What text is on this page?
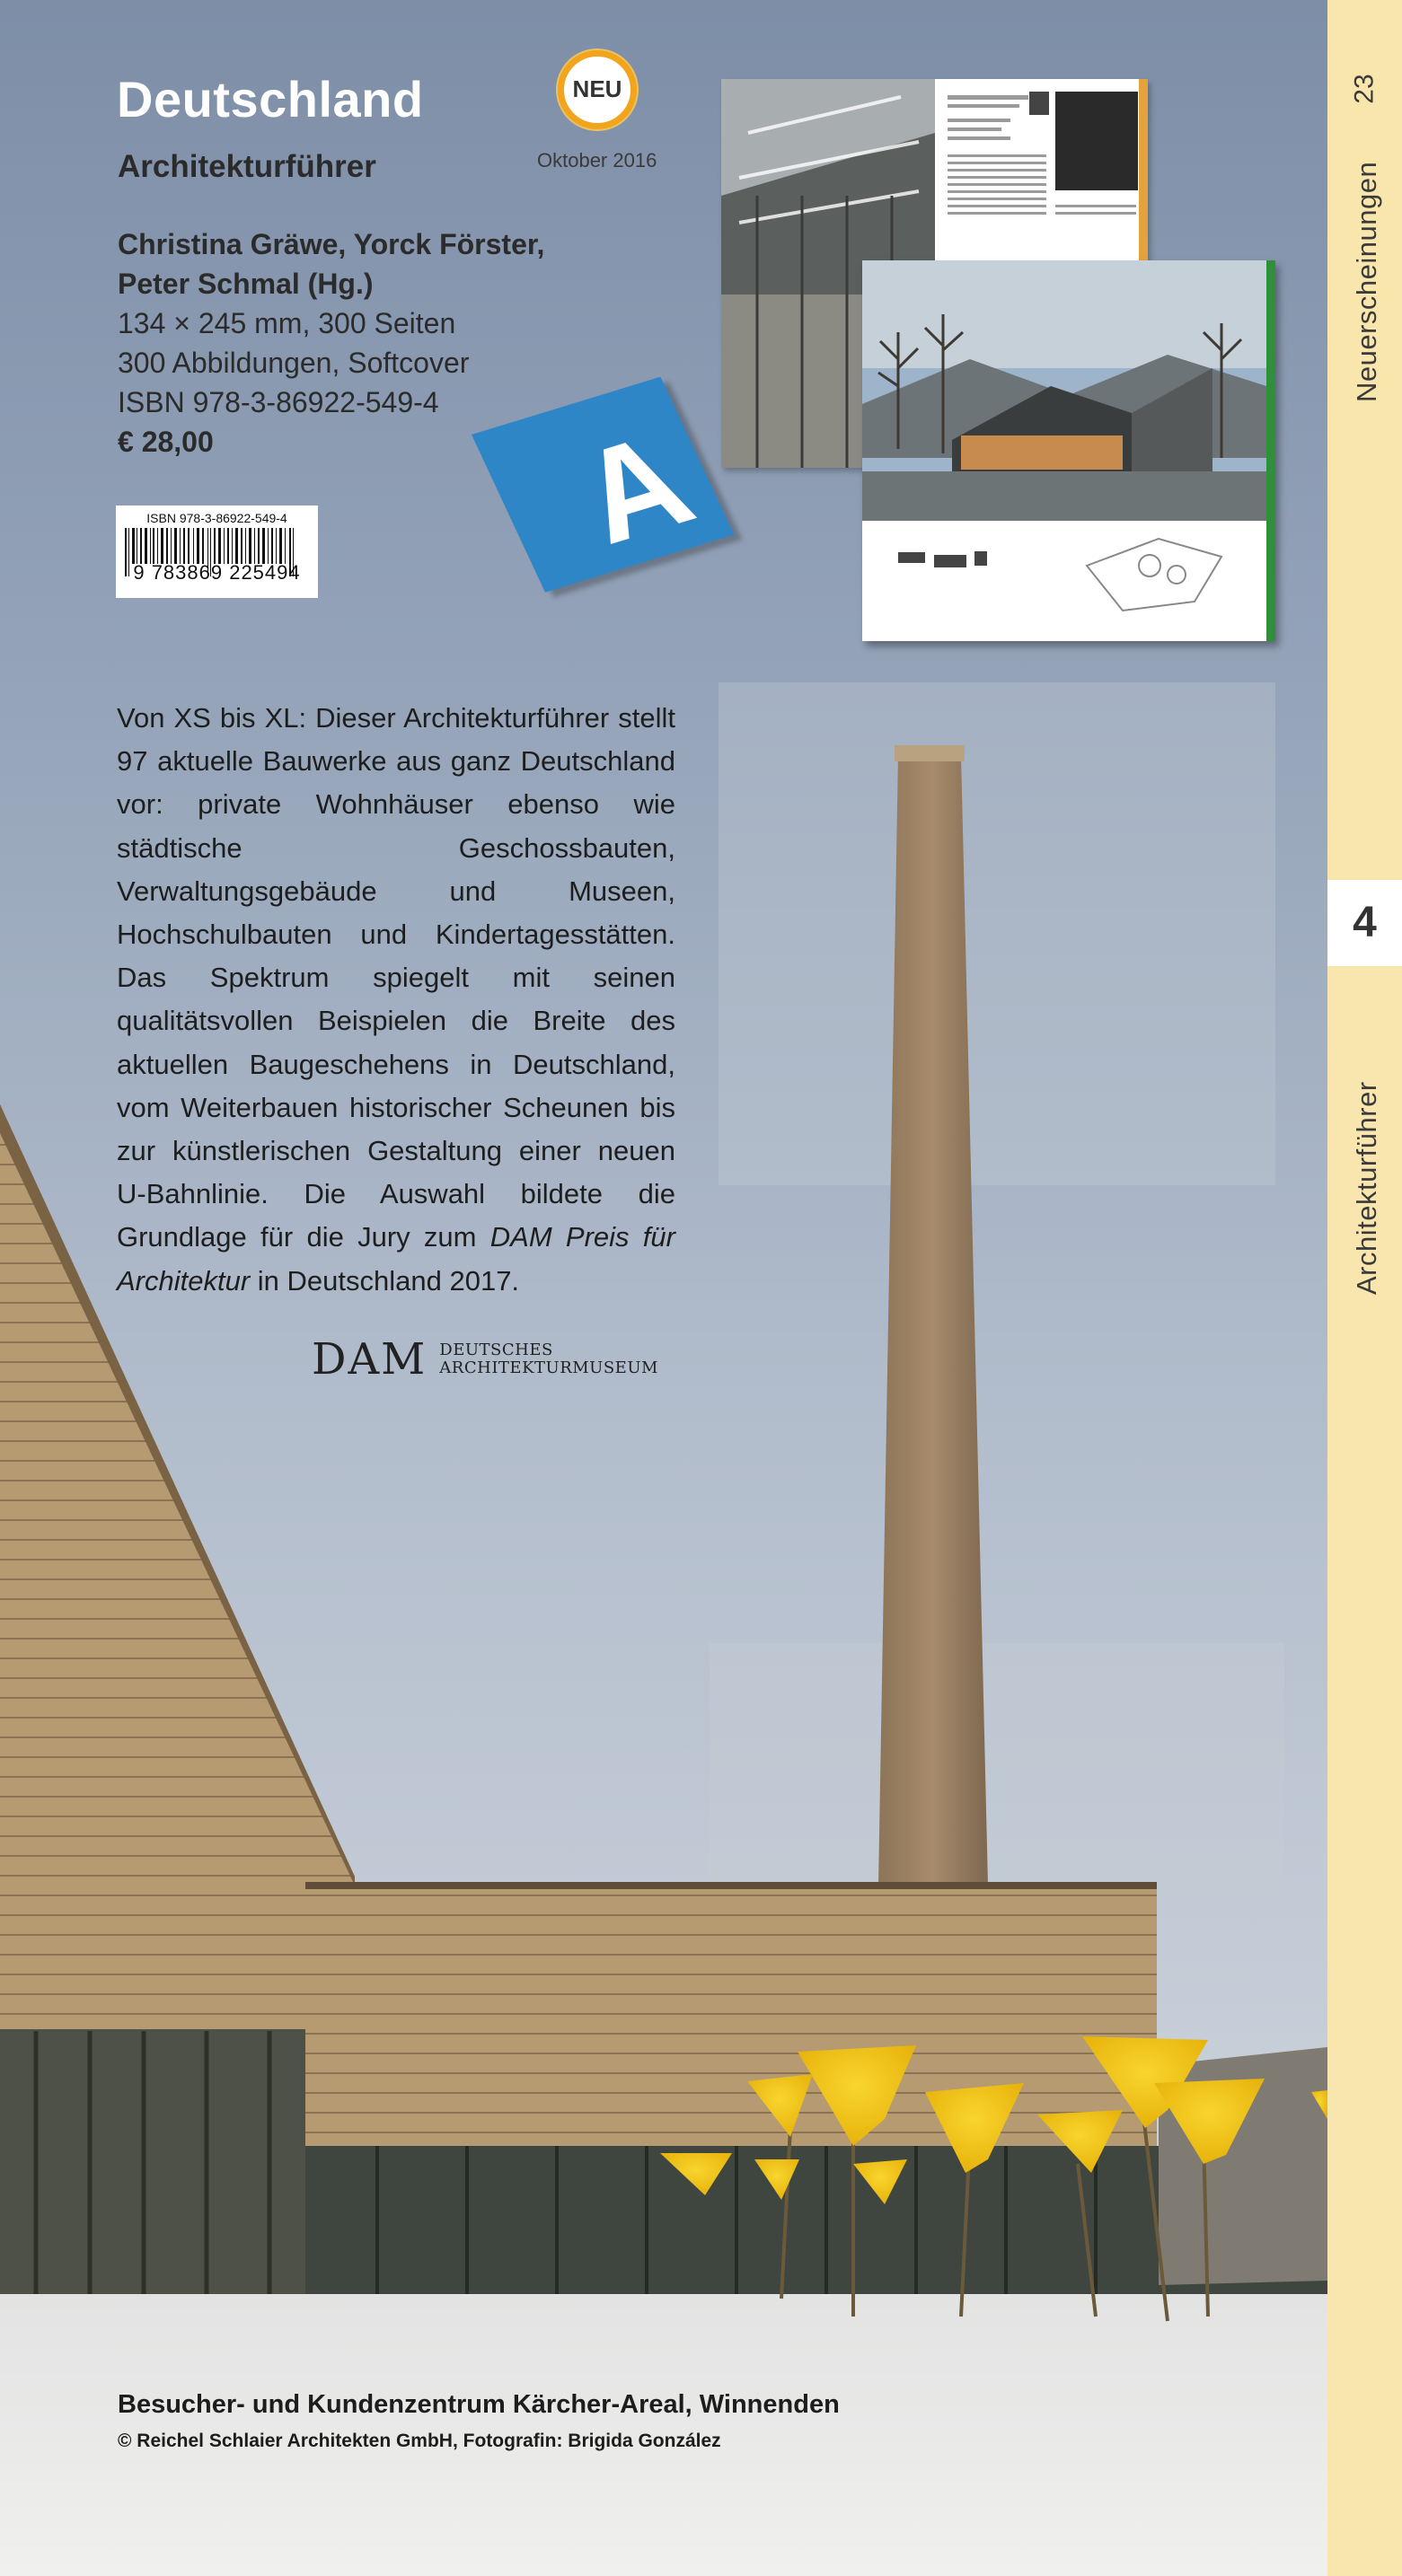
A
Deutschland
Architekturführer
NEU
Oktober 2016
Christina Gräwe, Yorck Förster,
Peter Schmal (Hg.)
134 × 245 mm, 300 Seiten
300 Abbildungen, Softcover
ISBN 978-3-86922-549-4
€ 28,00
ISBN 978-3-86922-549-4
9 783869 225494
Von XS bis XL: Dieser Architekturführer stellt 97 aktuelle Bauwerke aus ganz Deutschland vor: private Wohnhäuser ebenso wie städtische Geschossbauten, Verwaltungsgebäude und Museen, Hochschulbauten und Kindertagesstätten. Das Spektrum spiegelt mit seinen qualitätsvollen Beispielen die Breite des aktuellen Baugeschehens in Deutschland, vom Weiterbauen historischer Scheunen bis zur künstlerischen Gestaltung einer neuen U-Bahnlinie. Die Auswahl bildete die Grundlage für die Jury zum DAM Preis für Architektur in Deutschland 2017.
DAM DEUTSCHES
ARCHITEKTURMUSEUM
Besucher- und Kundenzentrum Kärcher-Areal, Winnenden
© Reichel Schlaier Architekten GmbH, Fotografin: Brigida González
Neuerscheinungen
23
4
Architekturführer
